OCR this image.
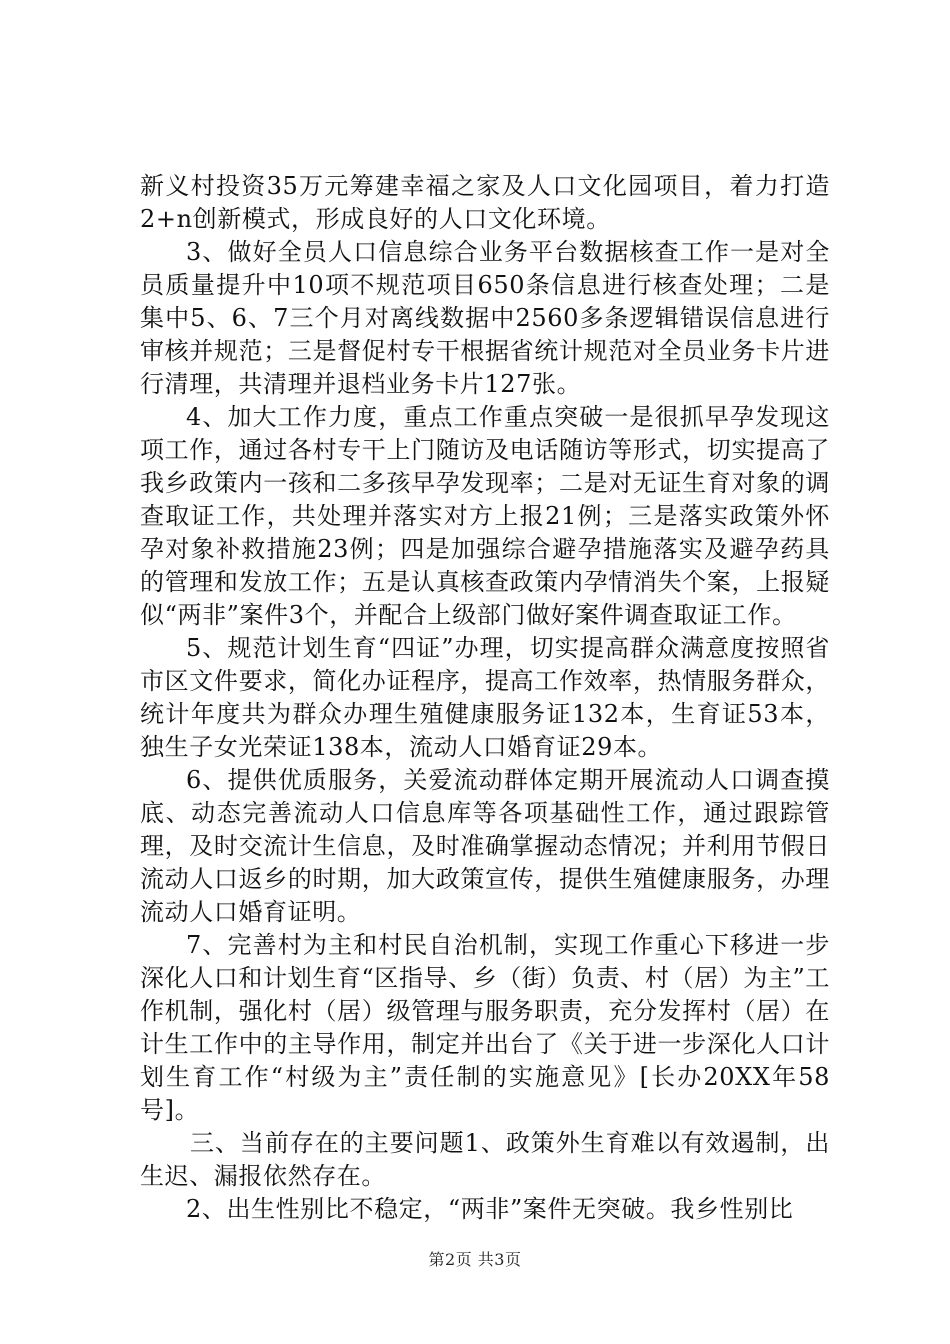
新义村投资35万元筹建幸福之家及人口文化园项目，着力打造2+n创新模式，形成良好的人口文化环境。

3、做好全员人口信息综合业务平台数据核查工作一是对全员质量提升中10项不规范项目650条信息进行核查处理；二是集中5、6、7三个月对离线数据中2560多条逻辑错误信息进行审核并规范；三是督促村专干根据省统计规范对全员业务卡片进行清理，共清理并退档业务卡片127张。

4、加大工作力度，重点工作重点突破一是很抓早孕发现这项工作，通过各村专干上门随访及电话随访等形式，切实提高了我乡政策内一孩和二多孩早孕发现率；二是对无证生育对象的调查取证工作，共处理并落实对方上报21例；三是落实政策外怀孕对象补救措施23例；四是加强综合避孕措施落实及避孕药具的管理和发放工作；五是认真核查政策内孕情消失个案，上报疑似“两非”案件3个，并配合上级部门做好案件调查取证工作。

5、规范计划生育“四证”办理，切实提高群众满意度按照省市区文件要求，简化办证程序，提高工作效率，热情服务群众，统计年度共为群众办理生殖健康服务证132本，生育证53本，独生子女光荣证138本，流动人口婚育证29本。

6、提供优质服务，关爱流动群体定期开展流动人口调查摸底、动态完善流动人口信息库等各项基础性工作，通过跟踪管理，及时交流计生信息，及时准确掌握动态情况；并利用节假日流动人口返乡的时期，加大政策宣传，提供生殖健康服务，办理流动人口婚育证明。

7、完善村为主和村民自治机制，实现工作重心下移进一步深化人口和计划生育“区指导、乡（街）负责、村（居）为主”工作机制，强化村（居）级管理与服务职责，充分发挥村（居）在计生工作中的主导作用，制定并出台了《关于进一步深化人口计划生育工作“村级为主”责任制的实施意见》[长办20XX年58号]。

三、当前存在的主要问题1、政策外生育难以有效遏制，出生迟、漏报依然存在。

2、出生性别比不稳定，“两非”案件无突破。我乡性别比

第2页 共3页
